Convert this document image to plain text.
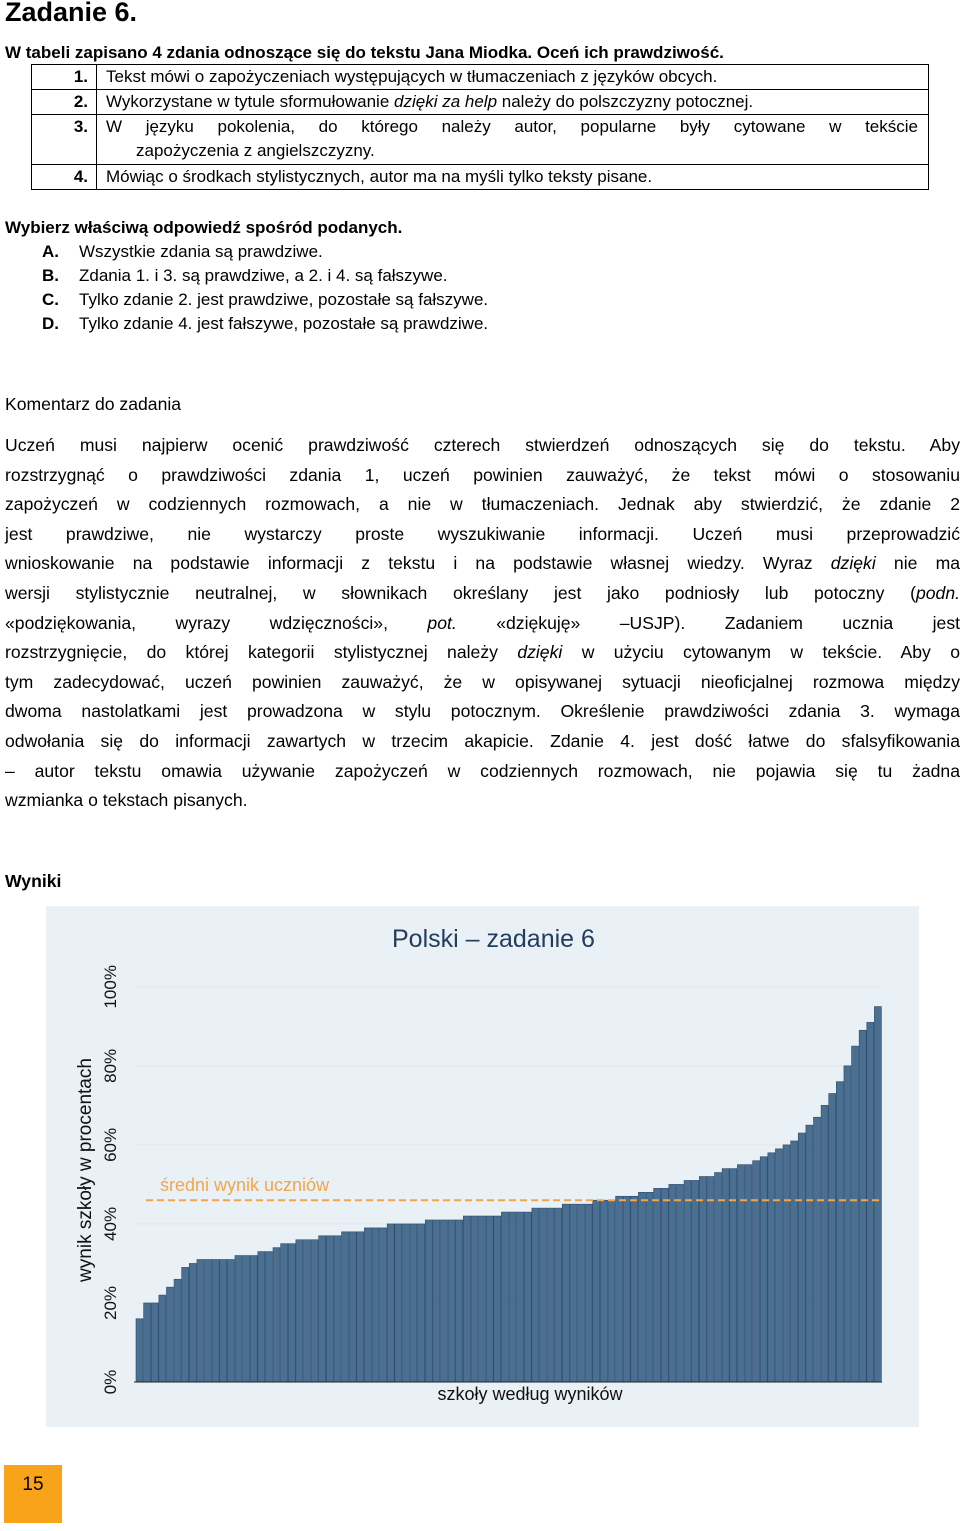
Zadanie 6.
W tabeli zapisano 4 zdania odnoszące się do tekstu Jana Miodka. Oceń ich prawdziwość.
1.	Tekst mówi o zapożyczeniach występujących w tłumaczeniach z języków obcych.
2.	Wykorzystane w tytule sformułowanie dzięki za help należy do polszczyzny potocznej.
3.	W języku pokolenia, do którego należy autor, popularne były cytowane w tekście
zapożyczenia z angielszczyzny.
4.	Mówiąc o środkach stylistycznych, autor ma na myśli tylko teksty pisane.
Wybierz właściwą odpowiedź spośród podanych.
A. Wszystkie zdania są prawdziwe.
B. Zdania 1. i 3. są prawdziwe, a 2. i 4. są fałszywe.
C. Tylko zdanie 2. jest prawdziwe, pozostałe są fałszywe.
D. Tylko zdanie 4. jest fałszywe, pozostałe są prawdziwe.
Komentarz do zadania
Uczeń musi najpierw ocenić prawdziwość czterech stwierdzeń odnoszących się do tekstu. Aby
rozstrzygnąć o prawdziwości zdania 1, uczeń powinien zauważyć, że tekst mówi o stosowaniu
zapożyczeń w codziennych rozmowach, a nie w tłumaczeniach. Jednak aby stwierdzić, że zdanie 2
jest prawdziwe, nie wystarczy proste wyszukiwanie informacji. Uczeń musi przeprowadzić
wnioskowanie na podstawie informacji z tekstu i na podstawie własnej wiedzy. Wyraz dzięki nie ma
wersji stylistycznie neutralnej, w słownikach określany jest jako podniosły lub potoczny (podn.
«podziękowania, wyrazy wdzięczności», pot. «dziękuję» –USJP). Zadaniem ucznia jest
rozstrzygnięcie, do której kategorii stylistycznej należy dzięki w użyciu cytowanym w tekście. Aby o
tym zadecydować, uczeń powinien zauważyć, że w opisywanej sytuacji nieoficjalnej rozmowa między
dwoma nastolatkami jest prowadzona w stylu potocznym. Określenie prawdziwości zdania 3. wymaga
odwołania się do informacji zawartych w trzecim akapicie. Zdanie 4. jest dość łatwe do sfalsyfikowania
– autor tekstu omawia używanie zapożyczeń w codziennych rozmowach, nie pojawia się tu żadna
wzmianka o tekstach pisanych.
Wyniki
Polski – zadanie 6
0%
20%
40%
60%
80%
100%
średni wynik uczniów
szkoły według wyników
wynik szkoły w procentach
15
